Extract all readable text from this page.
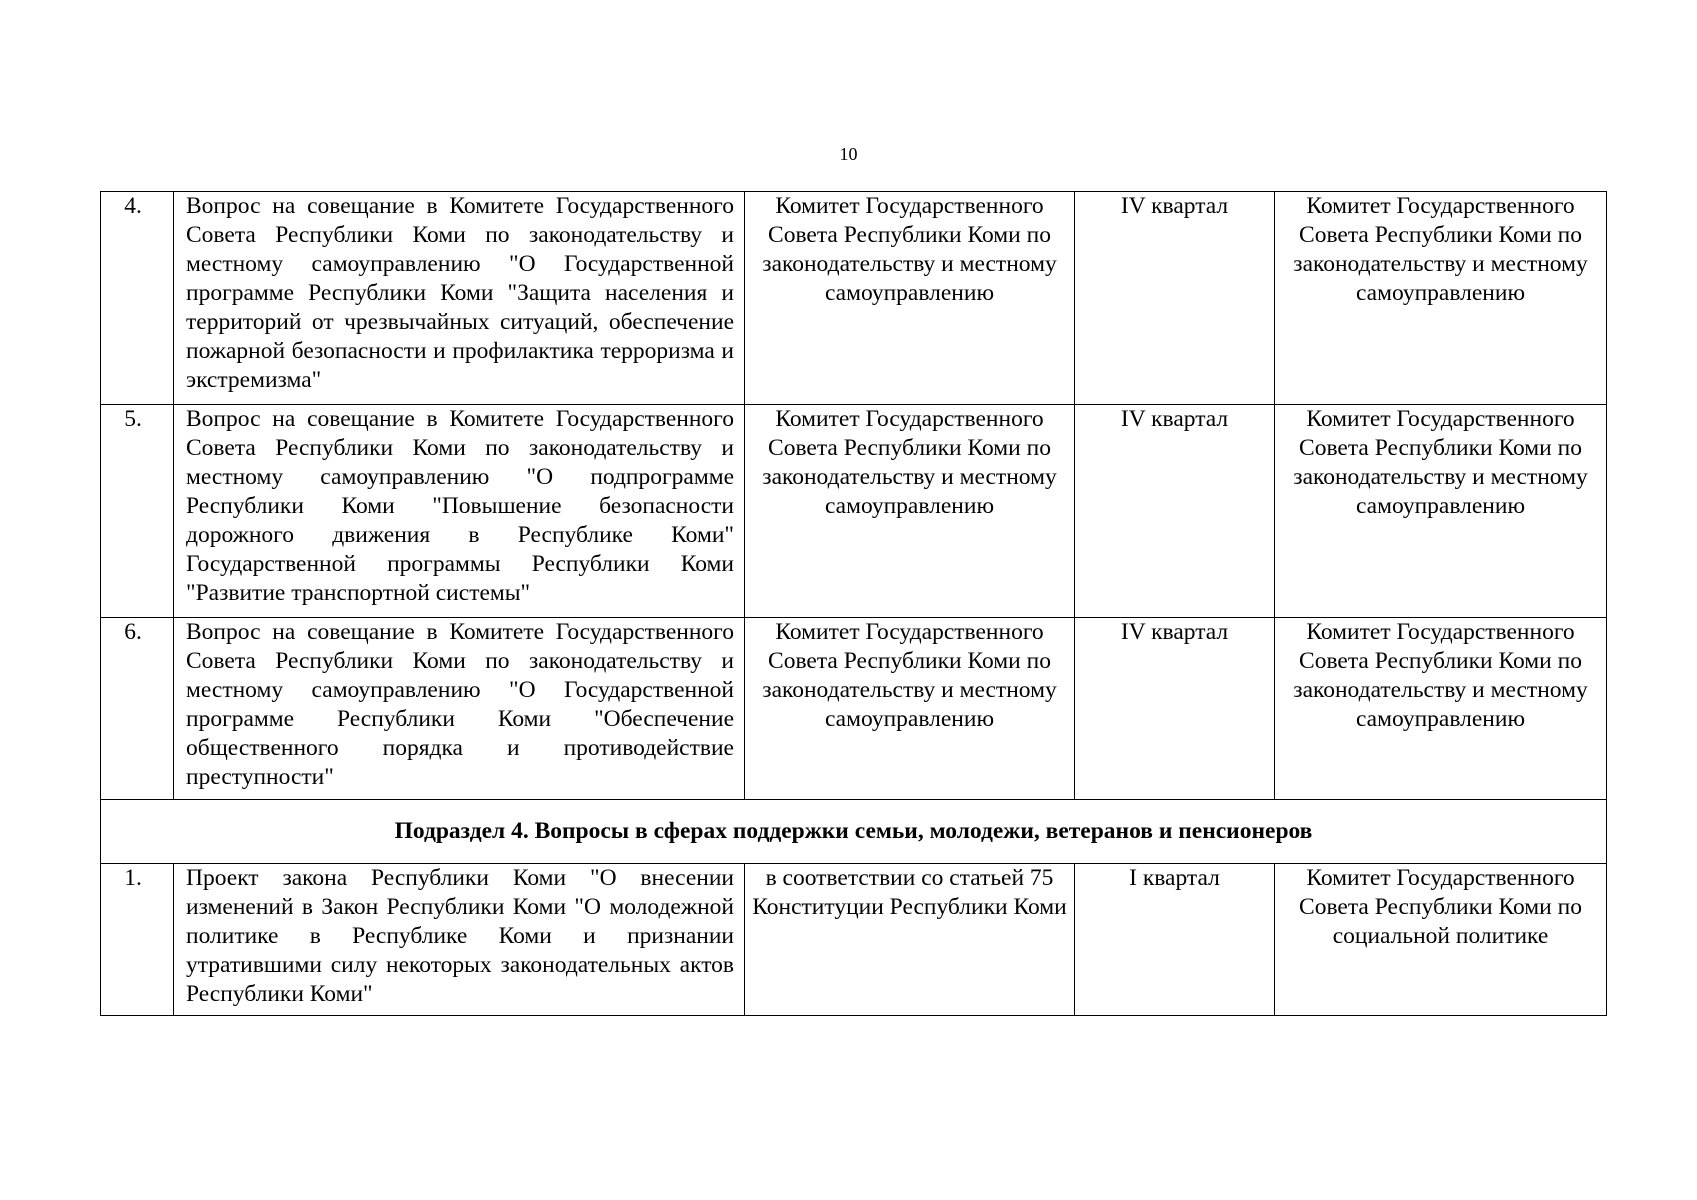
10
4.	Вопрос на совещание в Комитете Государственного Совета Республики Коми по законодательству и местному самоуправлению "О Государственной программе Республики Коми "Защита населения и территорий от чрезвычайных ситуаций, обеспечение пожарной безопасности и профилактика терроризма и экстремизма"	Комитет Государственного Совета Республики Коми по законодательству и местному самоуправлению	IV квартал	Комитет Государственного Совета Республики Коми по законодательству и местному самоуправлению
5.	Вопрос на совещание в Комитете Государственного Совета Республики Коми по законодательству и местному самоуправлению "О подпрограмме Республики Коми "Повышение безопасности дорожного движения в Республике Коми" Государственной программы Республики Коми "Развитие транспортной системы"	Комитет Государственного Совета Республики Коми по законодательству и местному самоуправлению	IV квартал	Комитет Государственного Совета Республики Коми по законодательству и местному самоуправлению
6.	Вопрос на совещание в Комитете Государственного Совета Республики Коми по законодательству и местному самоуправлению "О Государственной программе Республики Коми "Обеспечение общественного порядка и противодействие преступности"	Комитет Государственного Совета Республики Коми по законодательству и местному самоуправлению	IV квартал	Комитет Государственного Совета Республики Коми по законодательству и местному самоуправлению
Подраздел 4. Вопросы в сферах поддержки семьи, молодежи, ветеранов и пенсионеров				
1.	Проект закона Республики Коми "О внесении изменений в Закон Республики Коми "О молодежной политике в Республике Коми и признании утратившими силу некоторых законодательных актов Республики Коми"	в соответствии со статьей 75 Конституции Республики Коми	I квартал	Комитет Государственного Совета Республики Коми по социальной политике
